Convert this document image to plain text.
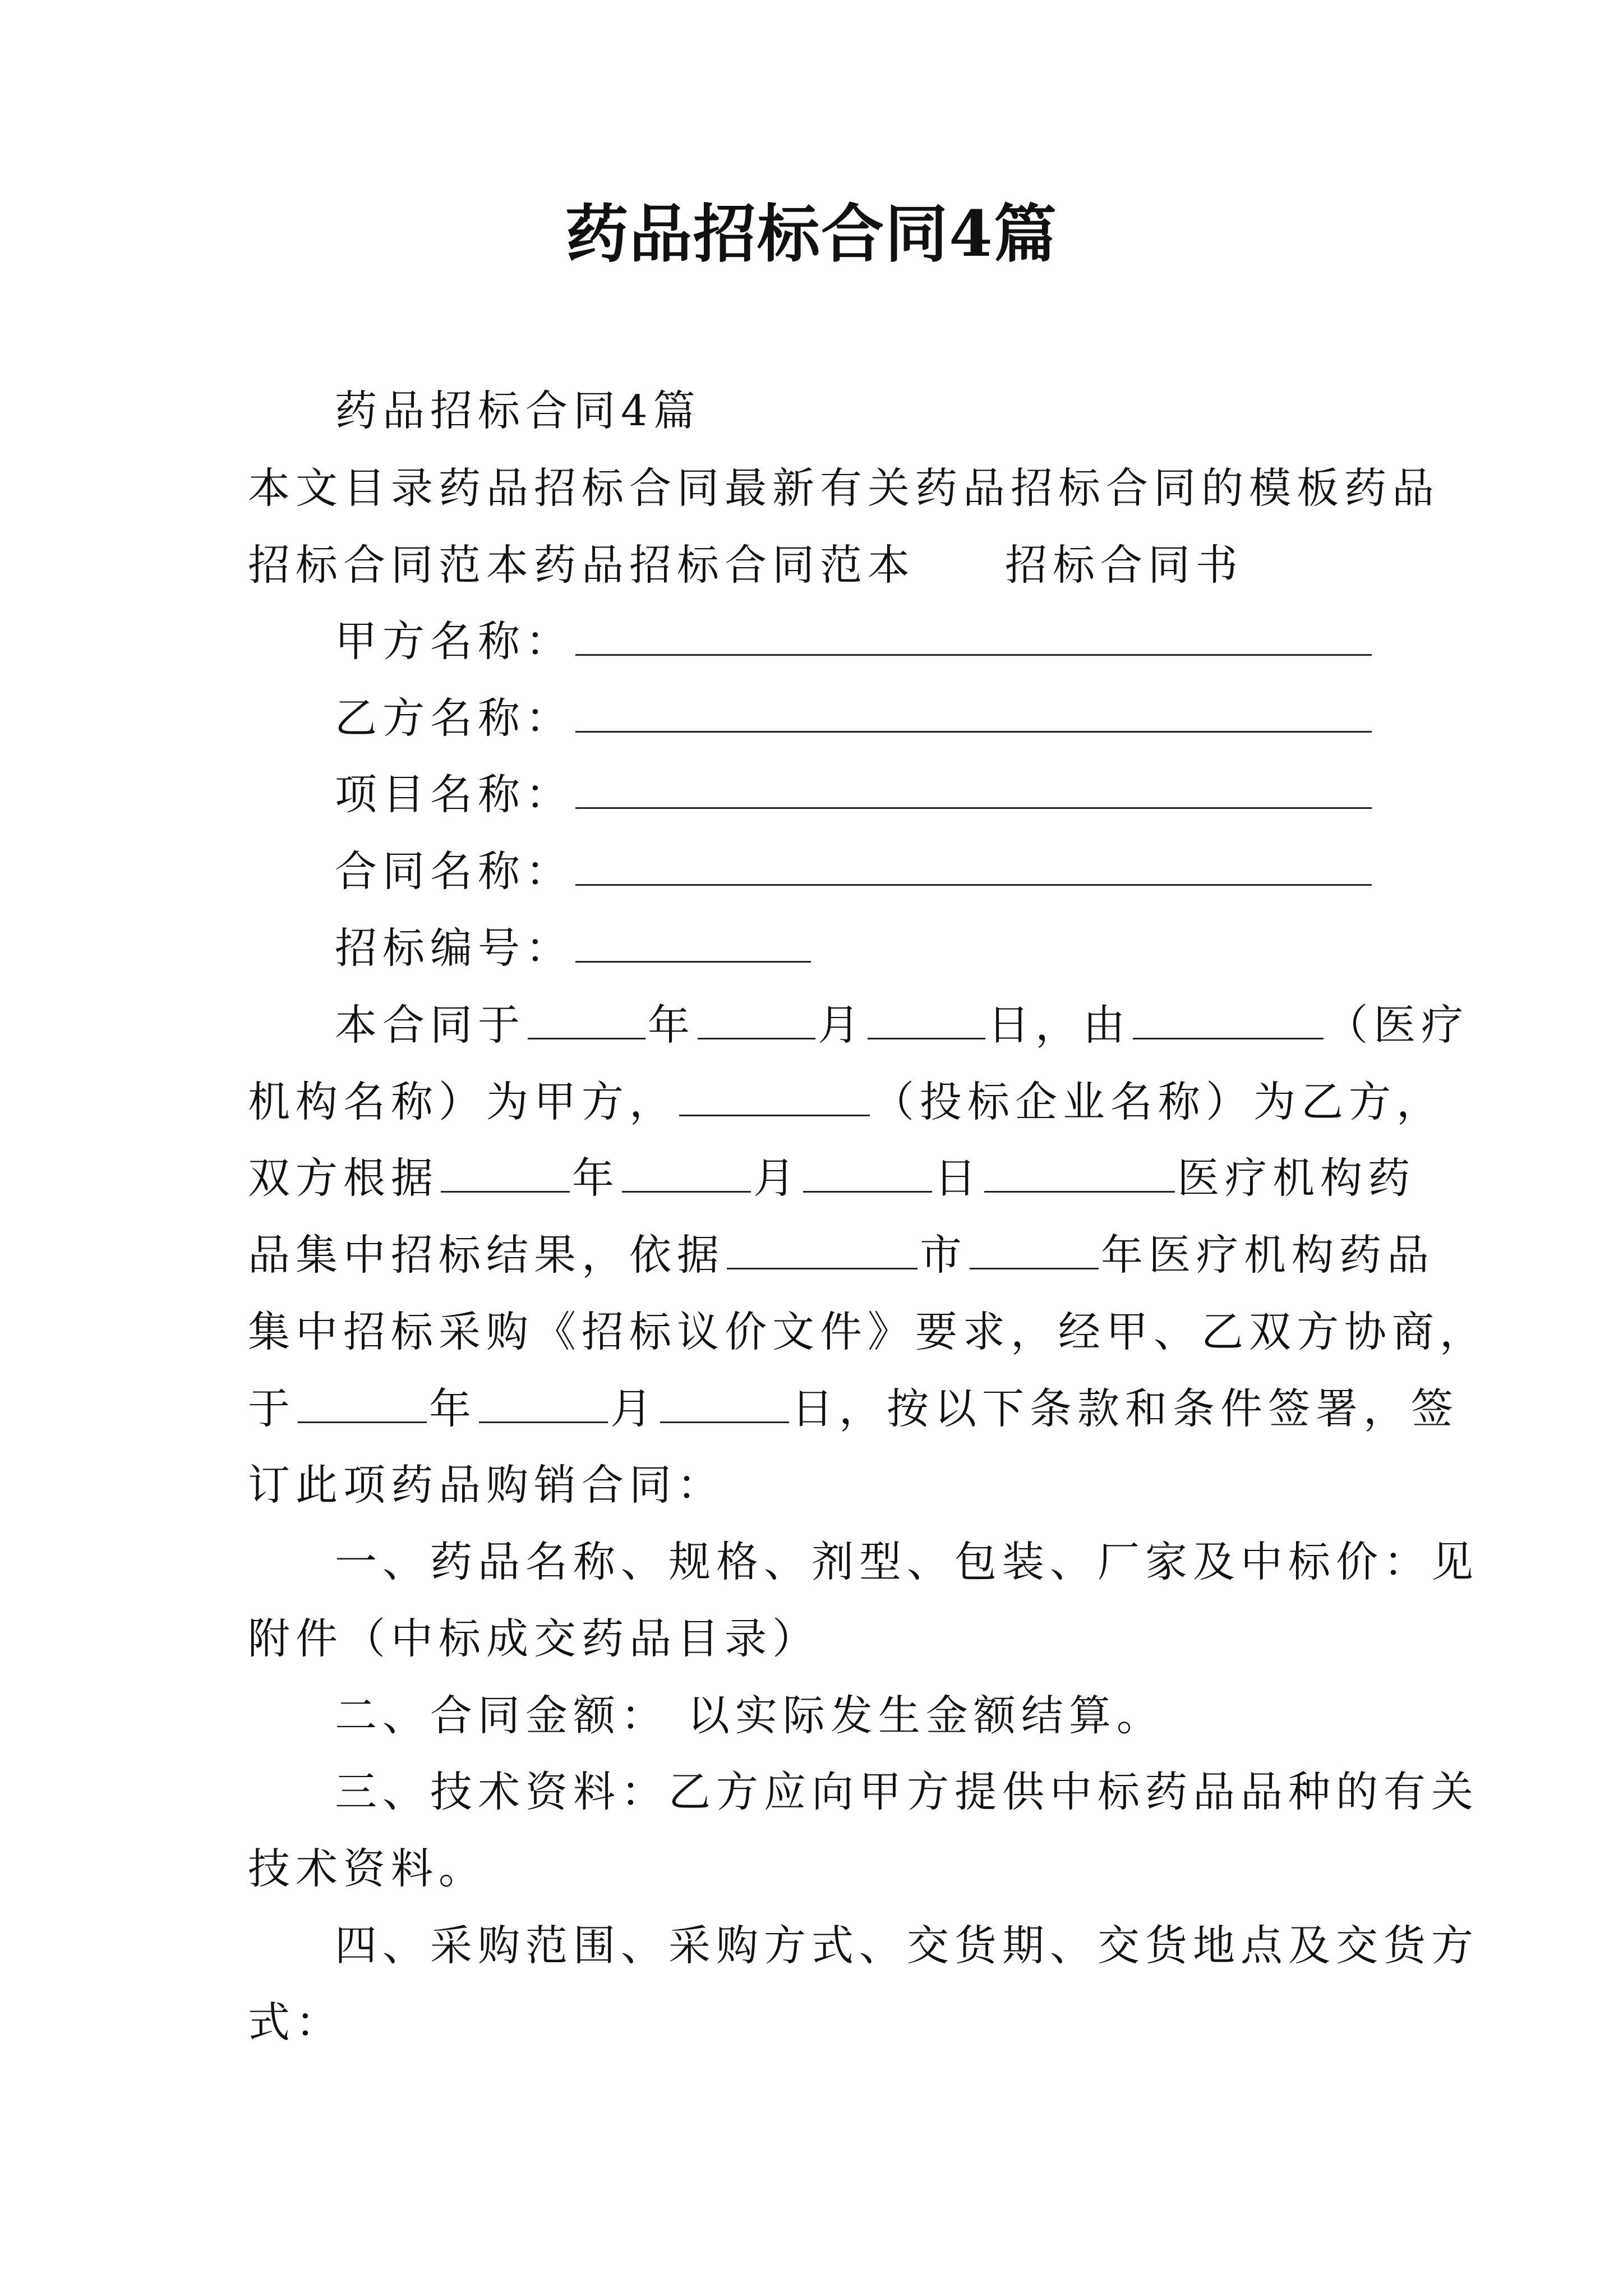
药品招标合同4篇
药品招标合同4篇
本文目录药品招标合同最新有关药品招标合同的模板药品
招标合同范本药品招标合同范本 招标合同书
甲方名称：
乙方名称：
项目名称：
合同名称：
招标编号：
本合同于	年	月	日，由	（医疗
机构名称）为甲方，	（投标企业名称）为乙方，
双方根据	年	月	日	医疗机构药
品集中招标结果，依据	市	年医疗机构药品
集中招标采购《招标议价文件》要求，经甲、乙双方协商，
于	年	月	日，按以下条款和条件签署，签
订此项药品购销合同：
一、药品名称、规格、剂型、包装、厂家及中标价：见
附件（中标成交药品目录）
二、合同金额： 以实际发生金额结算。
三、技术资料：乙方应向甲方提供中标药品品种的有关
技术资料。
四、采购范围、采购方式、交货期、交货地点及交货方
式：
